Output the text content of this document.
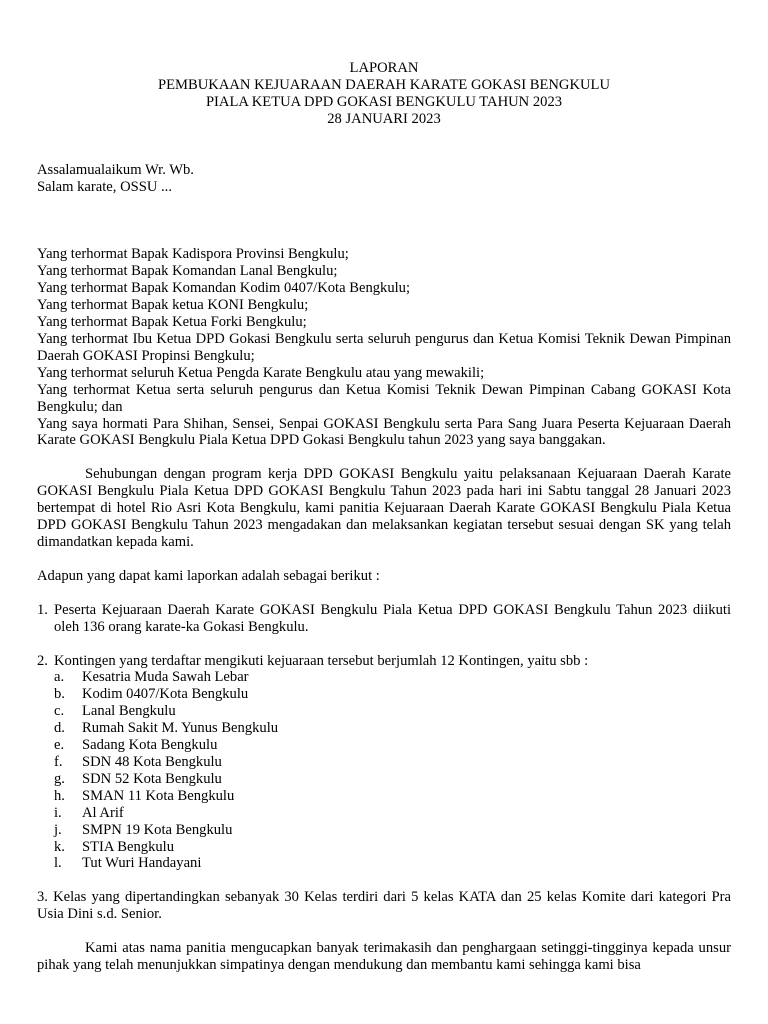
LAPORAN
PEMBUKAAN KEJUARAAN DAERAH KARATE GOKASI BENGKULU
PIALA KETUA DPD GOKASI BENGKULU TAHUN 2023
28 JANUARI 2023
Assalamualaikum Wr. Wb.
Salam karate, OSSU ...

Yang terhormat Bapak Kadispora Provinsi Bengkulu;

Yang terhormat Bapak Komandan Lanal Bengkulu;

Yang terhormat Bapak Komandan Kodim 0407/Kota Bengkulu;

Yang terhormat Bapak ketua KONI Bengkulu;

Yang terhormat Bapak Ketua Forki Bengkulu;

Yang terhormat Ibu Ketua DPD Gokasi Bengkulu serta seluruh pengurus dan Ketua Komisi Teknik Dewan Pimpinan Daerah GOKASI Propinsi Bengkulu;

Yang terhormat seluruh Ketua Pengda Karate Bengkulu atau yang mewakili;

Yang terhormat Ketua serta seluruh pengurus dan Ketua Komisi Teknik Dewan Pimpinan Cabang GOKASI Kota Bengkulu; dan

Yang saya hormati Para Shihan, Sensei, Senpai GOKASI Bengkulu serta Para Sang Juara Peserta Kejuaraan Daerah Karate GOKASI Bengkulu Piala Ketua DPD Gokasi Bengkulu tahun 2023 yang saya banggakan.

Sehubungan dengan program kerja DPD GOKASI Bengkulu yaitu pelaksanaan Kejuaraan Daerah Karate GOKASI Bengkulu Piala Ketua DPD GOKASI Bengkulu Tahun 2023 pada hari ini Sabtu tanggal 28 Januari 2023 bertempat di hotel Rio Asri Kota Bengkulu, kami panitia Kejuaraan Daerah Karate GOKASI Bengkulu Piala Ketua DPD GOKASI Bengkulu Tahun 2023 mengadakan dan melaksankan kegiatan tersebut sesuai dengan SK yang telah dimandatkan kepada kami.

Adapun yang dapat kami laporkan adalah sebagai berikut :

1. Peserta Kejuaraan Daerah Karate GOKASI Bengkulu Piala Ketua DPD GOKASI Bengkulu Tahun 2023 diikuti oleh 136 orang karate-ka Gokasi Bengkulu.
2. Kontingen yang terdaftar mengikuti kejuaraan tersebut berjumlah 12 Kontingen, yaitu sbb :
a.	Kesatria Muda Sawah Lebar
b.	Kodim 0407/Kota Bengkulu
c.	Lanal Bengkulu
d.	Rumah Sakit M. Yunus Bengkulu
e.	Sadang Kota Bengkulu
f.	SDN 48 Kota Bengkulu
g.	SDN 52 Kota Bengkulu
h.	SMAN 11 Kota Bengkulu
i.	Al Arif
j.	SMPN 19 Kota Bengkulu
k.	STIA Bengkulu
l.	Tut Wuri Handayani

3. Kelas yang dipertandingkan sebanyak 30 Kelas terdiri dari 5 kelas KATA dan 25 kelas Komite dari kategori Pra Usia Dini s.d. Senior.

Kami atas nama panitia mengucapkan banyak terimakasih dan penghargaan setinggi-tingginya kepada unsur pihak yang telah menunjukkan simpatinya dengan mendukung dan membantu kami sehingga kami bisa
